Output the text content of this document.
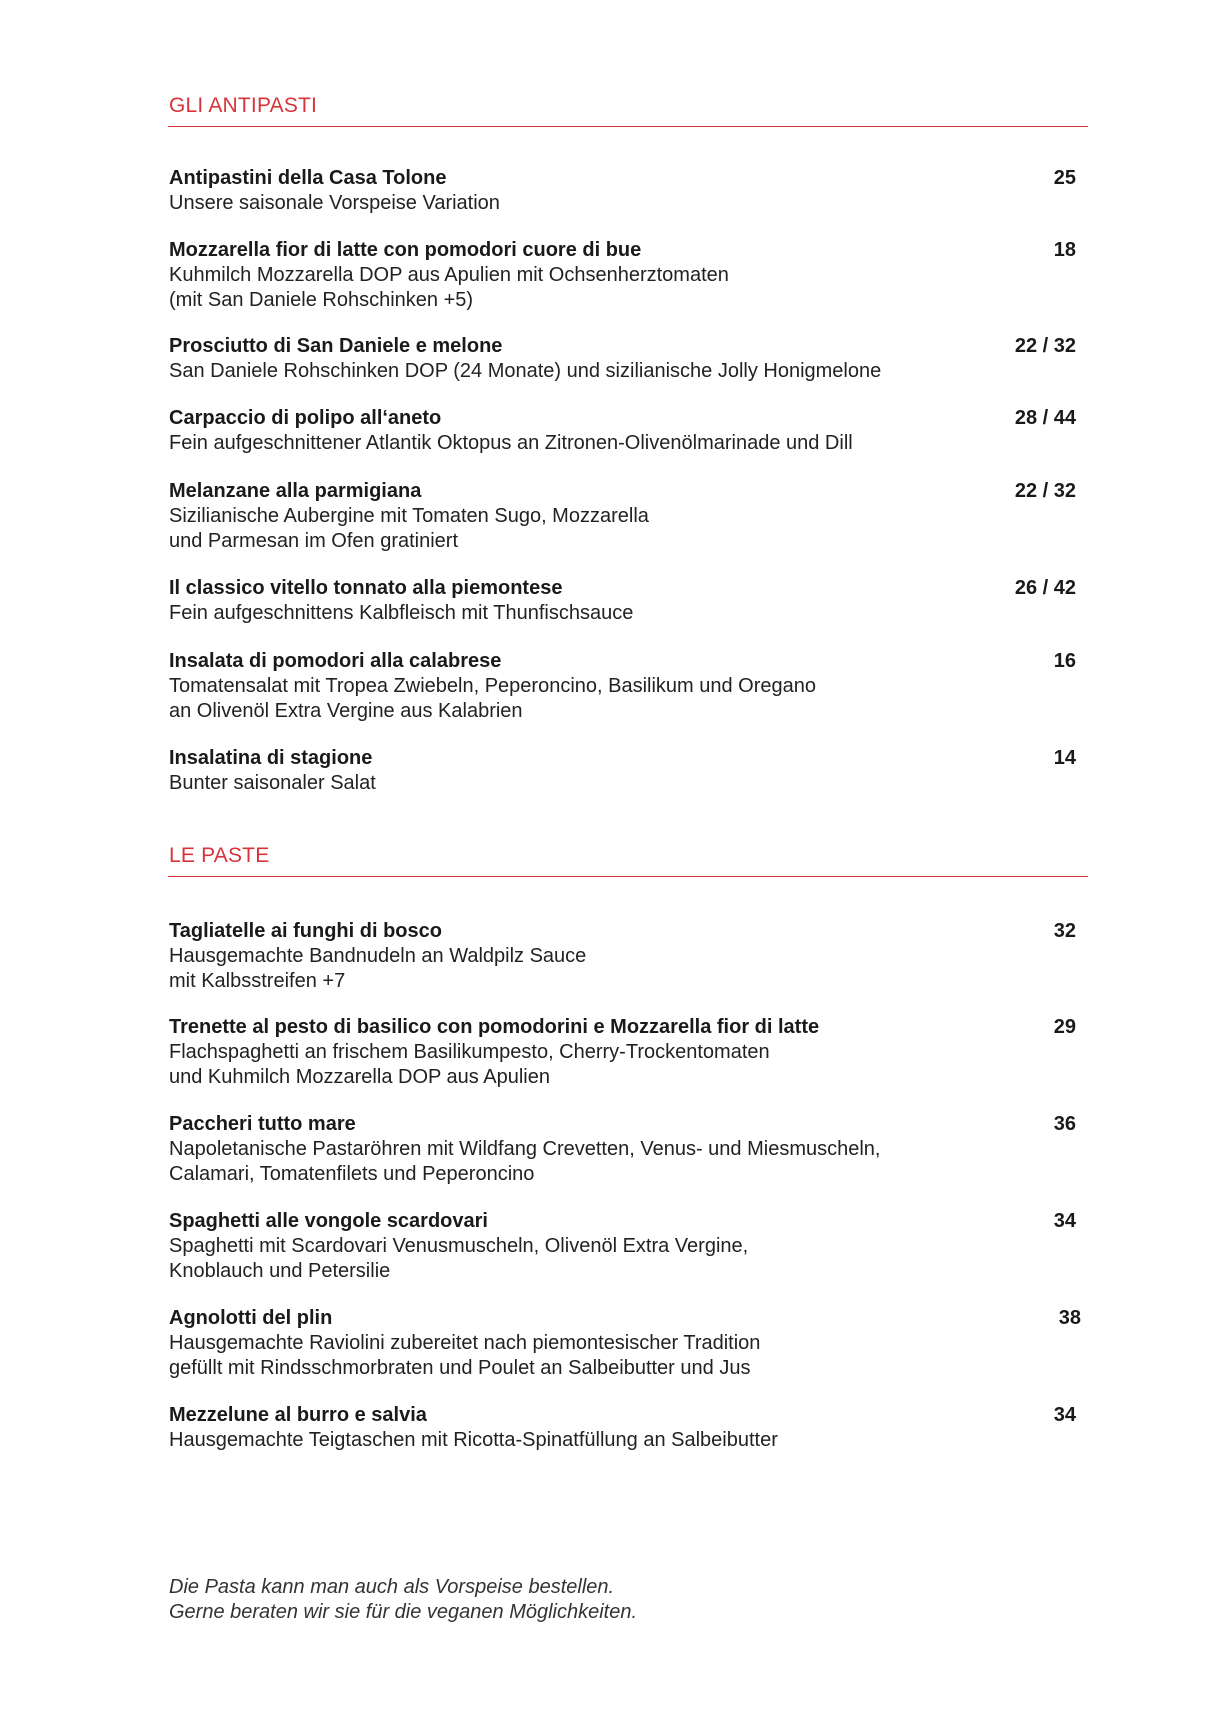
GLI ANTIPASTI
Antipastini della Casa Tolone	25
Unsere saisonale Vorspeise Variation
Mozzarella fior di latte con pomodori cuore di bue	18
Kuhmilch Mozzarella DOP aus Apulien mit Ochsenherztomaten
(mit San Daniele Rohschinken +5)
Prosciutto di San Daniele e melone	22 / 32
San Daniele Rohschinken DOP (24 Monate) und sizilianische Jolly Honigmelone
Carpaccio di polipo all‘aneto	28 / 44
Fein aufgeschnittener Atlantik Oktopus an Zitronen-Olivenölmarinade und Dill
Melanzane alla parmigiana	22 / 32
Sizilianische Aubergine mit Tomaten Sugo, Mozzarella
und Parmesan im Ofen gratiniert
Il classico vitello tonnato alla piemontese	26 / 42
Fein aufgeschnittens Kalbfleisch mit Thunfischsauce
Insalata di pomodori alla calabrese	16
Tomatensalat mit Tropea Zwiebeln, Peperoncino, Basilikum und Oregano
an Olivenöl Extra Vergine aus Kalabrien
Insalatina di stagione	14
Bunter saisonaler Salat
LE PASTE
Tagliatelle ai funghi di bosco	32
Hausgemachte Bandnudeln an Waldpilz Sauce
mit Kalbsstreifen +7
Trenette al pesto di basilico con pomodorini e Mozzarella fior di latte	29
Flachspaghetti an frischem Basilikumpesto, Cherry-Trockentomaten
und Kuhmilch Mozzarella DOP aus Apulien
Paccheri tutto mare	36
Napoletanische Pastaröhren mit Wildfang Crevetten, Venus- und Miesmuscheln,
Calamari, Tomatenfilets und Peperoncino
Spaghetti alle vongole scardovari	34
Spaghetti mit Scardovari Venusmuscheln, Olivenöl Extra Vergine,
Knoblauch und Petersilie
Agnolotti del plin	38
Hausgemachte Raviolini zubereitet nach piemontesischer Tradition
gefüllt mit Rindsschmorbraten und Poulet an Salbeibutter und Jus
Mezzelune al burro e salvia	34
Hausgemachte Teigtaschen mit Ricotta-Spinatfüllung an Salbeibutter
Die Pasta kann man auch als Vorspeise bestellen.
Gerne beraten wir sie für die veganen Möglichkeiten.
